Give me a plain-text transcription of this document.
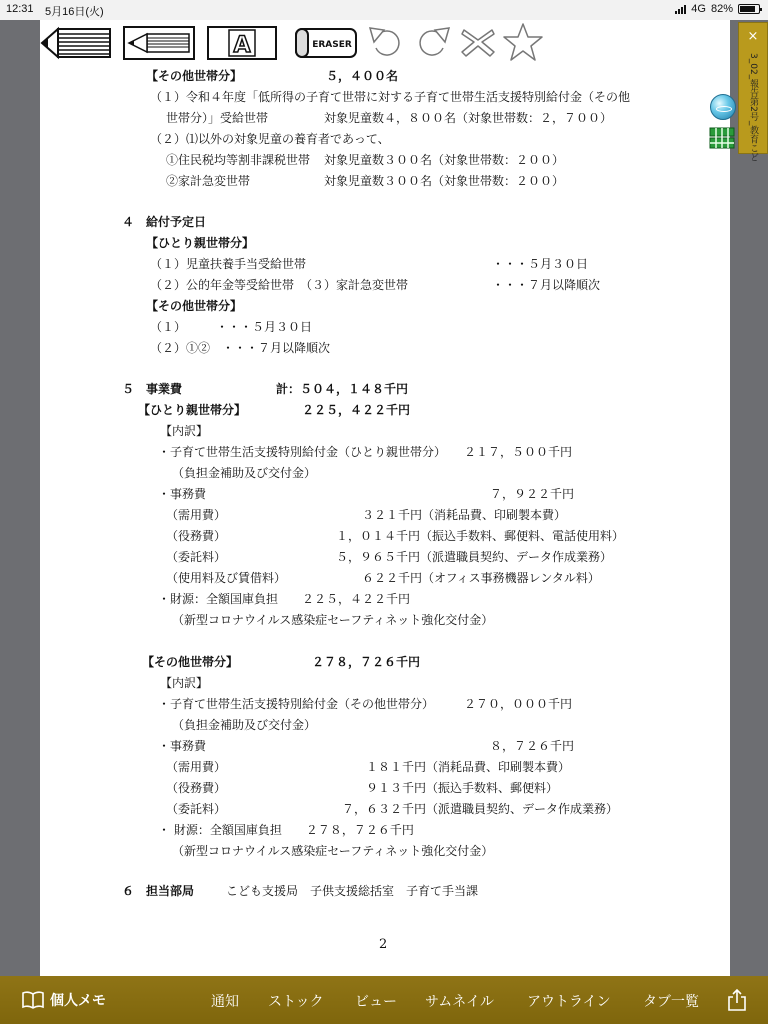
12:31 5月16日(火)	4G 82%
A	ERASER
×
3_02_報告第2号_教育こど
【その他世帯分】	５，４００名
（１）令和４年度「低所得の子育て世帯に対する子育て世帯生活支援特別給付金（その他
世帯分）」受給世帯	対象児童数４，８００名（対象世帯数：２，７００）
（２）⑴以外の対象児童の養育者であって、
①住民税均等割非課税世帯 対象児童数３００名（対象世帯数：２００）
②家計急変世帯	対象児童数３００名（対象世帯数：２００）
４　給付予定日
【ひとり親世帯分】
（１）児童扶養手当受給世帯	・・・５月３０日
（２）公的年金等受給世帯　（３）家計急変世帯	・・・７月以降順次
【その他世帯分】
（１）　　　・・・５月３０日
（２）①②　・・・７月以降順次
５　事業費	計：５０４，１４８千円
【ひとり親世帯分】	２２５，４２２千円
【内訳】
・子育て世帯生活支援特別給付金（ひとり親世帯分） ２１７，５００千円
（負担金補助及び交付金）
・事務費	７，９２２千円
（需用費）	３２１千円（消耗品費、印刷製本費）
（役務費）	１，０１４千円（振込手数料、郵便料、電話使用料）
（委託料）	５，９６５千円（派遣職員契約、データ作成業務）
（使用料及び賃借料）	６２２千円（オフィス事務機器レンタル料）
・財源：全額国庫負担　　２２５，４２２千円
（新型コロナウイルス感染症セーフティネット強化交付金）
【その他世帯分】	２７８，７２６千円
【内訳】
・子育て世帯生活支援特別給付金（その他世帯分） ２７０，０００千円
（負担金補助及び交付金）
・事務費	８，７２６千円
（需用費）	１８１千円（消耗品費、印刷製本費）
（役務費）	９１３千円（振込手数料、郵便料）
（委託料）	７，６３２千円（派遣職員契約、データ作成業務）
・ 財源：全額国庫負担　　２７８，７２６千円
（新型コロナウイルス感染症セーフティネット強化交付金）
６　担当部局	こども支援局　子供支援総括室　子育て手当課
2
個人メモ	通知 ストック ビュー サムネイル アウトライン タブ一覧
